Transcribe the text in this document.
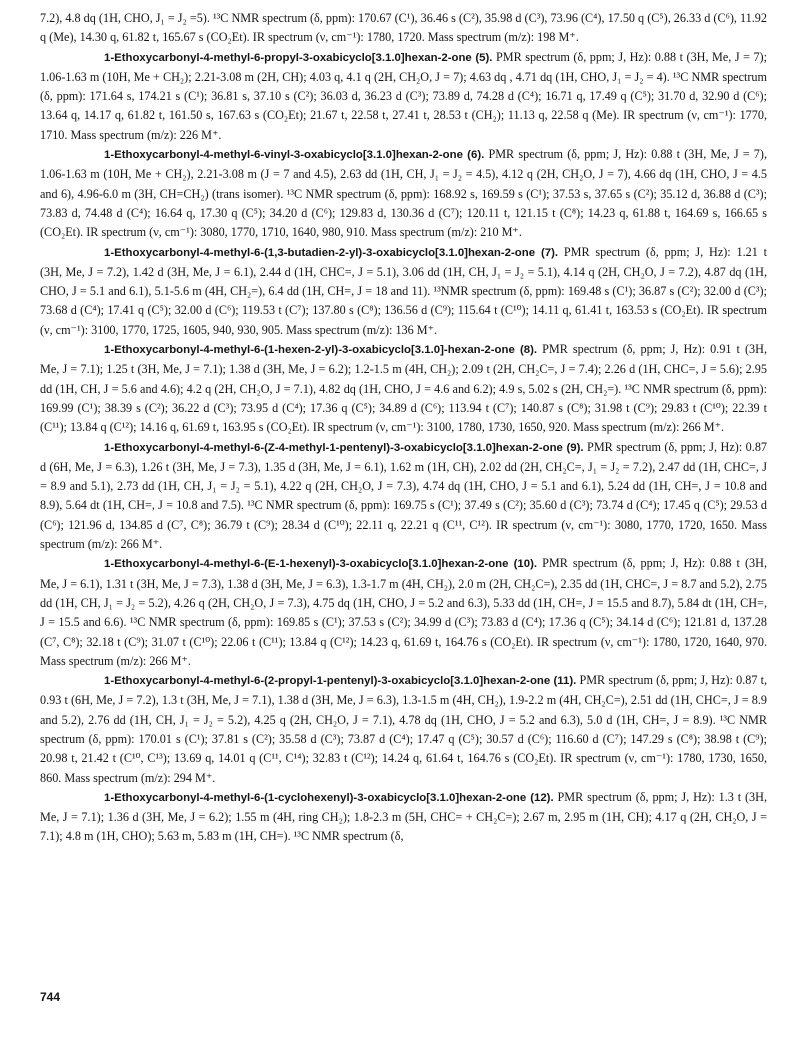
7.2), 4.8 dq (1H, CHO, J₁ = J₂ =5). ¹³C NMR spectrum (δ, ppm): 170.67 (C¹), 36.46 s (C²), 35.98 d (C³), 73.96 (C⁴), 17.50 q (C⁵), 26.33 d (C⁶), 11.92 q (Me), 14.30 q, 61.82 t, 165.67 s (CO₂Et). IR spectrum (ν, cm⁻¹): 1780, 1720. Mass spectrum (m/z): 198 M⁺.

1-Ethoxycarbonyl-4-methyl-6-propyl-3-oxabicyclo[3.1.0]hexan-2-one (5). PMR spectrum (δ, ppm; J, Hz): 0.88 t (3H, Me, J = 7); 1.06-1.63 m (10H, Me + CH₂); 2.21-3.08 m (2H, CH); 4.03 q, 4.1 q (2H, CH₂O, J = 7); 4.63 dq , 4.71 dq (1H, CHO, J₁ = J₂ = 4). ¹³C NMR spectrum (δ, ppm): 171.64 s, 174.21 s (C¹); 36.81 s, 37.10 s (C²); 36.03 d, 36.23 d (C³); 73.89 d, 74.28 d (C⁴); 16.71 q, 17.49 q (C⁵); 31.70 d, 32.90 d (C⁶); 13.64 q, 14.17 q, 61.82 t, 161.50 s, 167.63 s (CO₂Et); 21.67 t, 22.58 t, 27.41 t, 28.53 t (CH₂); 11.13 q, 22.58 q (Me). IR spectrum (ν, cm⁻¹): 1770, 1710. Mass spectrum (m/z): 226 M⁺.

1-Ethoxycarbonyl-4-methyl-6-vinyl-3-oxabicyclo[3.1.0]hexan-2-one (6). PMR spectrum (δ, ppm; J, Hz): 0.88 t (3H, Me, J = 7), 1.06-1.63 m (10H, Me + CH₂), 2.21-3.08 m (J = 7 and 4.5), 2.63 dd (1H, CH, J₁ = J₂ = 4.5), 4.12 q (2H, CH₂O, J = 7), 4.66 dq (1H, CHO, J = 4.5 and 6), 4.96-6.0 m (3H, CH=CH₂) (trans isomer). ¹³C NMR spectrum (δ, ppm): 168.92 s, 169.59 s (C¹); 37.53 s, 37.65 s (C²); 35.12 d, 36.88 d (C³); 73.83 d, 74.48 d (C⁴); 16.64 q, 17.30 q (C⁵); 34.20 d (C⁶); 129.83 d, 130.36 d (C⁷); 120.11 t, 121.15 t (C⁸); 14.23 q, 61.88 t, 164.69 s, 166.65 s (CO₂Et). IR spectrum (ν, cm⁻¹): 3080, 1770, 1710, 1640, 980, 910. Mass spectrum (m/z): 210 M⁺.

1-Ethoxycarbonyl-4-methyl-6-(1,3-butadien-2-yl)-3-oxabicyclo[3.1.0]hexan-2-one (7). PMR spectrum (δ, ppm; J, Hz): 1.21 t (3H, Me, J = 7.2), 1.42 d (3H, Me, J = 6.1), 2.44 d (1H, CHC=, J = 5.1), 3.06 dd (1H, CH, J₁ = J₂ = 5.1), 4.14 q (2H, CH₂O, J = 7.2), 4.87 dq (1H, CHO, J = 5.1 and 6.1), 5.1-5.6 m (4H, CH₂=), 6.4 dd (1H, CH=, J = 18 and 11). ¹³NMR spectrum (δ, ppm): 169.48 s (C¹); 36.87 s (C²); 32.00 d (C³); 73.68 d (C⁴); 17.41 q (C⁵); 32.00 d (C⁶); 119.53 t (C⁷); 137.80 s (C⁸); 136.56 d (C⁹); 115.64 t (C¹⁰); 14.11 q, 61.41 t, 163.53 s (CO₂Et). IR spectrum (ν, cm⁻¹): 3100, 1770, 1725, 1605, 940, 930, 905. Mass spectrum (m/z): 136 M⁺.

1-Ethoxycarbonyl-4-methyl-6-(1-hexen-2-yl)-3-oxabicyclo[3.1.0]-hexan-2-one (8). PMR spectrum (δ, ppm; J, Hz): 0.91 t (3H, Me, J = 7.1); 1.25 t (3H, Me, J = 7.1); 1.38 d (3H, Me, J = 6.2); 1.2-1.5 m (4H, CH₂); 2.09 t (2H, CH₂C=, J = 7.4); 2.26 d (1H, CHC=, J = 5.6); 2.95 dd (1H, CH, J = 5.6 and 4.6); 4.2 q (2H, CH₂O, J = 7.1), 4.82 dq (1H, CHO, J = 4.6 and 6.2); 4.9 s, 5.02 s (2H, CH₂=). ¹³C NMR spectrum (δ, ppm): 169.99 (C¹); 38.39 s (C²); 36.22 d (C³); 73.95 d (C⁴); 17.36 q (C⁵); 34.89 d (C⁶); 113.94 t (C⁷); 140.87 s (C⁸); 31.98 t (C⁹); 29.83 t (C¹⁰); 22.39 t (C¹¹); 13.84 q (C¹²); 14.16 q, 61.69 t, 163.95 s (CO₂Et). IR spectrum (ν, cm⁻¹): 3100, 1780, 1730, 1650, 920. Mass spectrum (m/z): 266 M⁺.

1-Ethoxycarbonyl-4-methyl-6-(Z-4-methyl-1-pentenyl)-3-oxabicyclo[3.1.0]hexan-2-one (9). PMR spectrum (δ, ppm; J, Hz): 0.87 d (6H, Me, J = 6.3), 1.26 t (3H, Me, J = 7.3), 1.35 d (3H, Me, J = 6.1), 1.62 m (1H, CH), 2.02 dd (2H, CH₂C=, J₁ = J₂ = 7.2), 2.47 dd (1H, CHC=, J = 8.9 and 5.1), 2.73 dd (1H, CH, J₁ = J₂ = 5.1), 4.22 q (2H, CH₂O, J = 7.3), 4.74 dq (1H, CHO, J = 5.1 and 6.1), 5.24 dd (1H, CH=, J = 10.8 and 8.9), 5.64 dt (1H, CH=, J = 10.8 and 7.5). ¹³C NMR spectrum (δ, ppm): 169.75 s (C¹); 37.49 s (C²); 35.60 d (C³); 73.74 d (C⁴); 17.45 q (C⁵); 29.53 d (C⁶); 121.96 d, 134.85 d (C⁷, C⁸); 36.79 t (C⁹); 28.34 d (C¹⁰); 22.11 q, 22.21 q (C¹¹, C¹²). IR spectrum (ν, cm⁻¹): 3080, 1770, 1720, 1650. Mass spectrum (m/z): 266 M⁺.

1-Ethoxycarbonyl-4-methyl-6-(E-1-hexenyl)-3-oxabicyclo[3.1.0]hexan-2-one (10). PMR spectrum (δ, ppm; J, Hz): 0.88 t (3H, Me, J = 6.1), 1.31 t (3H, Me, J = 7.3), 1.38 d (3H, Me, J = 6.3), 1.3-1.7 m (4H, CH₂), 2.0 m (2H, CH₂C=), 2.35 dd (1H, CHC=, J = 8.7 and 5.2), 2.75 dd (1H, CH, J₁ = J₂ = 5.2), 4.26 q (2H, CH₂O, J = 7.3), 4.75 dq (1H, CHO, J = 5.2 and 6.3), 5.33 dd (1H, CH=, J = 15.5 and 8.7), 5.84 dt (1H, CH=, J = 15.5 and 6.6). ¹³C NMR spectrum (δ, ppm): 169.85 s (C¹); 37.53 s (C²); 34.99 d (C³); 73.83 d (C⁴); 17.36 q (C⁵); 34.14 d (C⁶); 121.81 d, 137.28 (C⁷, C⁸); 32.18 t (C⁹); 31.07 t (C¹⁰); 22.06 t (C¹¹); 13.84 q (C¹²); 14.23 q, 61.69 t, 164.76 s (CO₂Et). IR spectrum (ν, cm⁻¹): 1780, 1720, 1640, 970. Mass spectrum (m/z): 266 M⁺.

1-Ethoxycarbonyl-4-methyl-6-(2-propyl-1-pentenyl)-3-oxabicyclo[3.1.0]hexan-2-one (11). PMR spectrum (δ, ppm; J, Hz): 0.87 t, 0.93 t (6H, Me, J = 7.2), 1.3 t (3H, Me, J = 7.1), 1.38 d (3H, Me, J = 6.3), 1.3-1.5 m (4H, CH₂), 1.9-2.2 m (4H, CH₂C=), 2.51 dd (1H, CHC=, J = 8.9 and 5.2), 2.76 dd (1H, CH, J₁ = J₂ = 5.2), 4.25 q (2H, CH₂O, J = 7.1), 4.78 dq (1H, CHO, J = 5.2 and 6.3), 5.0 d (1H, CH=, J = 8.9). ¹³C NMR spectrum (δ, ppm): 170.01 s (C¹); 37.81 s (C²); 35.58 d (C³); 73.87 d (C⁴); 17.47 q (C⁵); 30.57 d (C⁶); 116.60 d (C⁷); 147.29 s (C⁸); 38.98 t (C⁹); 20.98 t, 21.42 t (C¹⁰, C¹³); 13.69 q, 14.01 q (C¹¹, C¹⁴); 32.83 t (C¹²); 14.24 q, 61.64 t, 164.76 s (CO₂Et). IR spectrum (ν, cm⁻¹): 1780, 1730, 1650, 860. Mass spectrum (m/z): 294 M⁺.

1-Ethoxycarbonyl-4-methyl-6-(1-cyclohexenyl)-3-oxabicyclo[3.1.0]hexan-2-one (12). PMR spectrum (δ, ppm; J, Hz): 1.3 t (3H, Me, J = 7.1); 1.36 d (3H, Me, J = 6.2); 1.55 m (4H, ring CH₂); 1.8-2.3 m (5H, CHC= + CH₂C=); 2.67 m, 2.95 m (1H, CH); 4.17 q (2H, CH₂O, J = 7.1); 4.8 m (1H, CHO); 5.63 m, 5.83 m (1H, CH=). ¹³C NMR spectrum (δ,

744
